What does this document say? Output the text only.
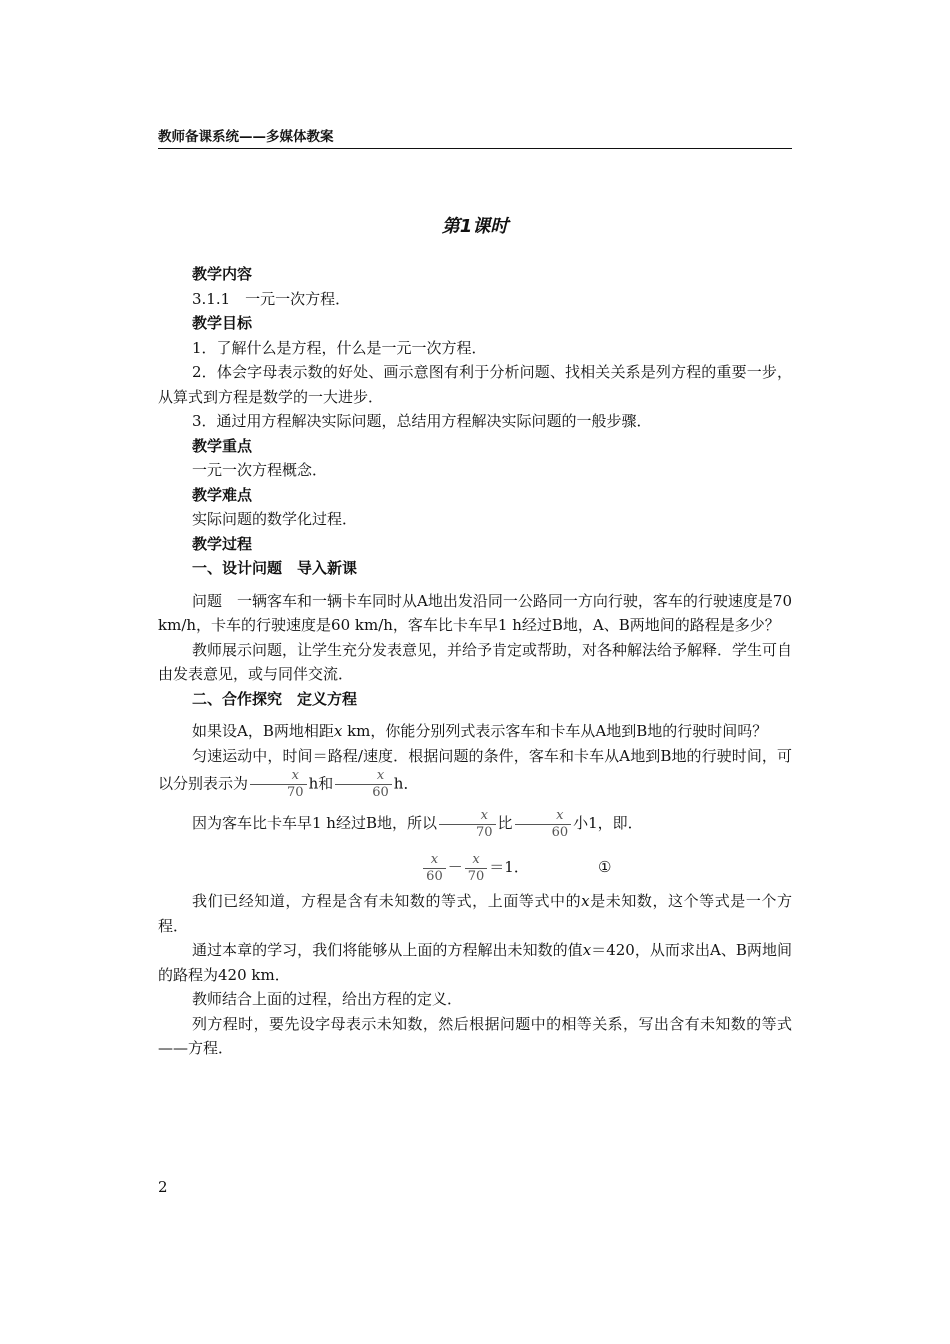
教师备课系统——多媒体教案
第1课时

教学内容

3.1.1　一元一次方程．

教学目标

1．了解什么是方程，什么是一元一次方程．

2．体会字母表示数的好处、画示意图有利于分析问题、找相关关系是列方程的重要一步，从算式到方程是数学的一大进步．

3．通过用方程解决实际问题，总结用方程解决实际问题的一般步骤．

教学重点

一元一次方程概念．

教学难点

实际问题的数学化过程．

教学过程

一、设计问题　导入新课

问题　一辆客车和一辆卡车同时从A地出发沿同一公路同一方向行驶，客车的行驶速度是70 km/h，卡车的行驶速度是60 km/h，客车比卡车早1 h经过B地，A、B两地间的路程是多少？

教师展示问题，让学生充分发表意见，并给予肯定或帮助，对各种解法给予解释．学生可自由发表意见，或与同伴交流．

二、合作探究　定义方程

如果设A，B两地相距x km，你能分别列式表示客车和卡车从A地到B地的行驶时间吗？

匀速运动中，时间＝路程/速度．根据问题的条件，客车和卡车从A地到B地的行驶时间，可以分别表示为 $\frac{x}{70}$ h和 $\frac{x}{60}$ h．

因为客车比卡车早1 h经过B地，所以 $\frac{x}{70}$ 比 $\frac{x}{60}$ 小1，即．

$\frac{x}{60} - \frac{x}{70} =1$．	①

我们已经知道，方程是含有未知数的等式，上面等式中的x是未知数，这个等式是一个方程．

通过本章的学习，我们将能够从上面的方程解出未知数的值x＝420，从而求出A、B两地间的路程为420 km．

教师结合上面的过程，给出方程的定义．

列方程时，要先设字母表示未知数，然后根据问题中的相等关系，写出含有未知数的等式——方程．

2
